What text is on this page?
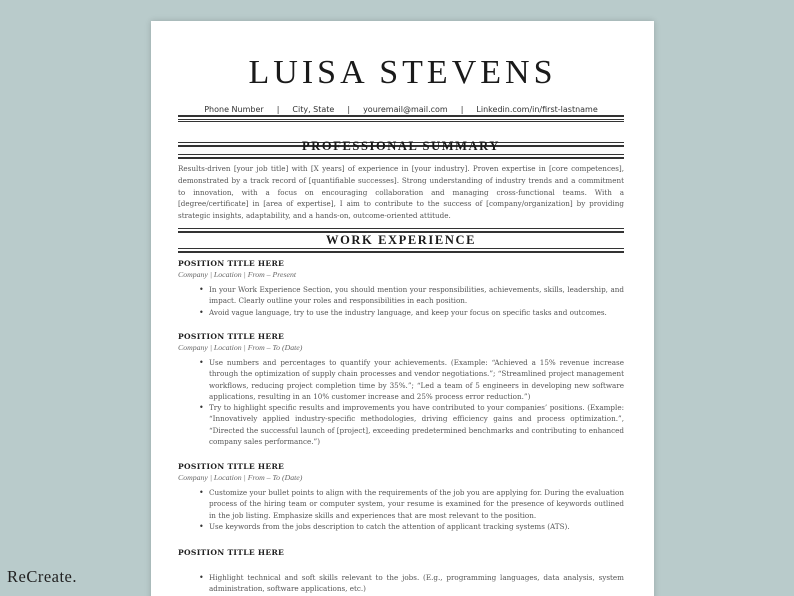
LUISA STEVENS
Phone Number | City, State | youremail@mail.com | Linkedin.com/in/first-lastname
PROFESSIONAL SUMMARY

Results-driven [your job title] with [X years] of experience in [your industry]. Proven expertise in [core competences], demonstrated by a track record of [quantifiable successes]. Strong understanding of industry trends and a commitment to innovation, with a focus on encouraging collaboration and managing cross-functional teams. With a [degree/certificate] in [area of expertise], I aim to contribute to the success of [company/organization] by providing strategic insights, adaptability, and a hands-on, outcome-oriented attitude.

WORK EXPERIENCE
POSITION TITLE HERE
Company | Location | From – Present
• In your Work Experience Section, you should mention your responsibilities, achievements, skills, leadership, and impact. Clearly outline your roles and responsibilities in each position.
• Avoid vague language, try to use the industry language, and keep your focus on specific tasks and outcomes.
POSITION TITLE HERE
Company | Location | From – To (Date)
• Use numbers and percentages to quantify your achievements. (Example: “Achieved a 15% revenue increase through the optimization of supply chain processes and vendor negotiations.”; “Streamlined project management workflows, reducing project completion time by 35%.”; “Led a team of 5 engineers in developing new software applications, resulting in an 10% customer increase and 25% process error reduction.”)
• Try to highlight specific results and improvements you have contributed to your companies’ positions. (Example: “Innovatively applied industry-specific methodologies, driving efficiency gains and process optimization.”, “Directed the successful launch of [project], exceeding predetermined benchmarks and contributing to enhanced company sales performance.”)
POSITION TITLE HERE
Company | Location | From – To (Date)
• Customize your bullet points to align with the requirements of the job you are applying for. During the evaluation process of the hiring team or computer system, your resume is examined for the presence of keywords outlined in the job listing. Emphasize skills and experiences that are most relevant to the position.
• Use keywords from the jobs description to catch the attention of applicant tracking systems (ATS).
POSITION TITLE HERE
• Highlight technical and soft skills relevant to the jobs. (E.g., programming languages, data analysis, system administration, software applications, etc.)
ReCreate.
